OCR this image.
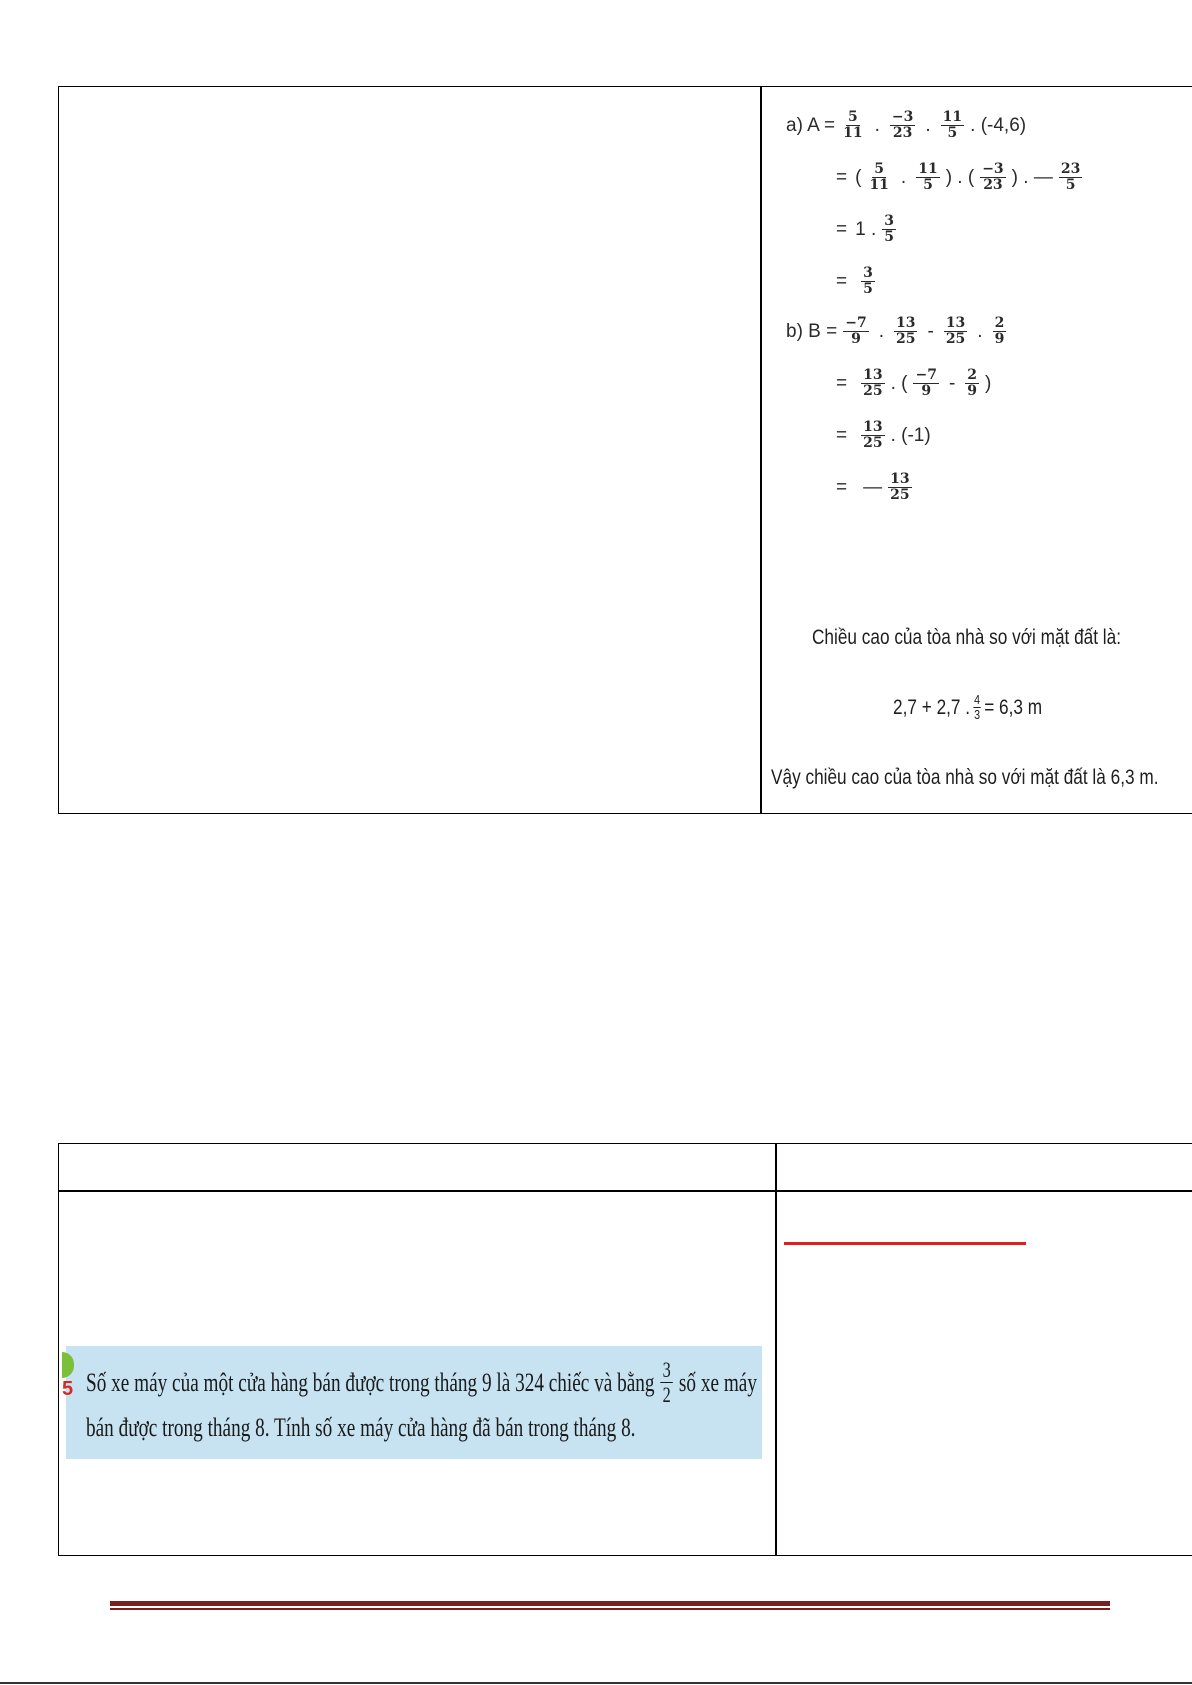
a) $A = \frac{5}{11}$ . $\frac{-3}{23}$ . $\frac{11}{5}$ . (-4,6)
= ( $\frac{5}{11}$ . $\frac{11}{5}$ ) . ( $\frac{-3}{23}$ ) . — $\frac{23}{5}$
= 1 . $\frac{3}{5}$
= $\frac{3}{5}$
b) $B = \frac{-7}{9}$ . $\frac{13}{25} - \frac{13}{25}$ . $\frac{2}{9}$
= $\frac{13}{25}$ . ( $\frac{-7}{9} - \frac{2}{9}$ )
= $\frac{13}{25}$ . (-1)
= — $\frac{13}{25}$
Chiều cao của tòa nhà so với mặt đất là:
2,7 + 2,7 . $\frac{4}{3} = 6,3$ m
Vậy chiều cao của tòa nhà so với mặt đất là 6,3 m.
5 Số xe máy của một cửa hàng bán được trong tháng 9 là 324 chiếc và bằng $\frac{3}{2}$ số xe máy
bán được trong tháng 8. Tính số xe máy cửa hàng đã bán trong tháng 8.
